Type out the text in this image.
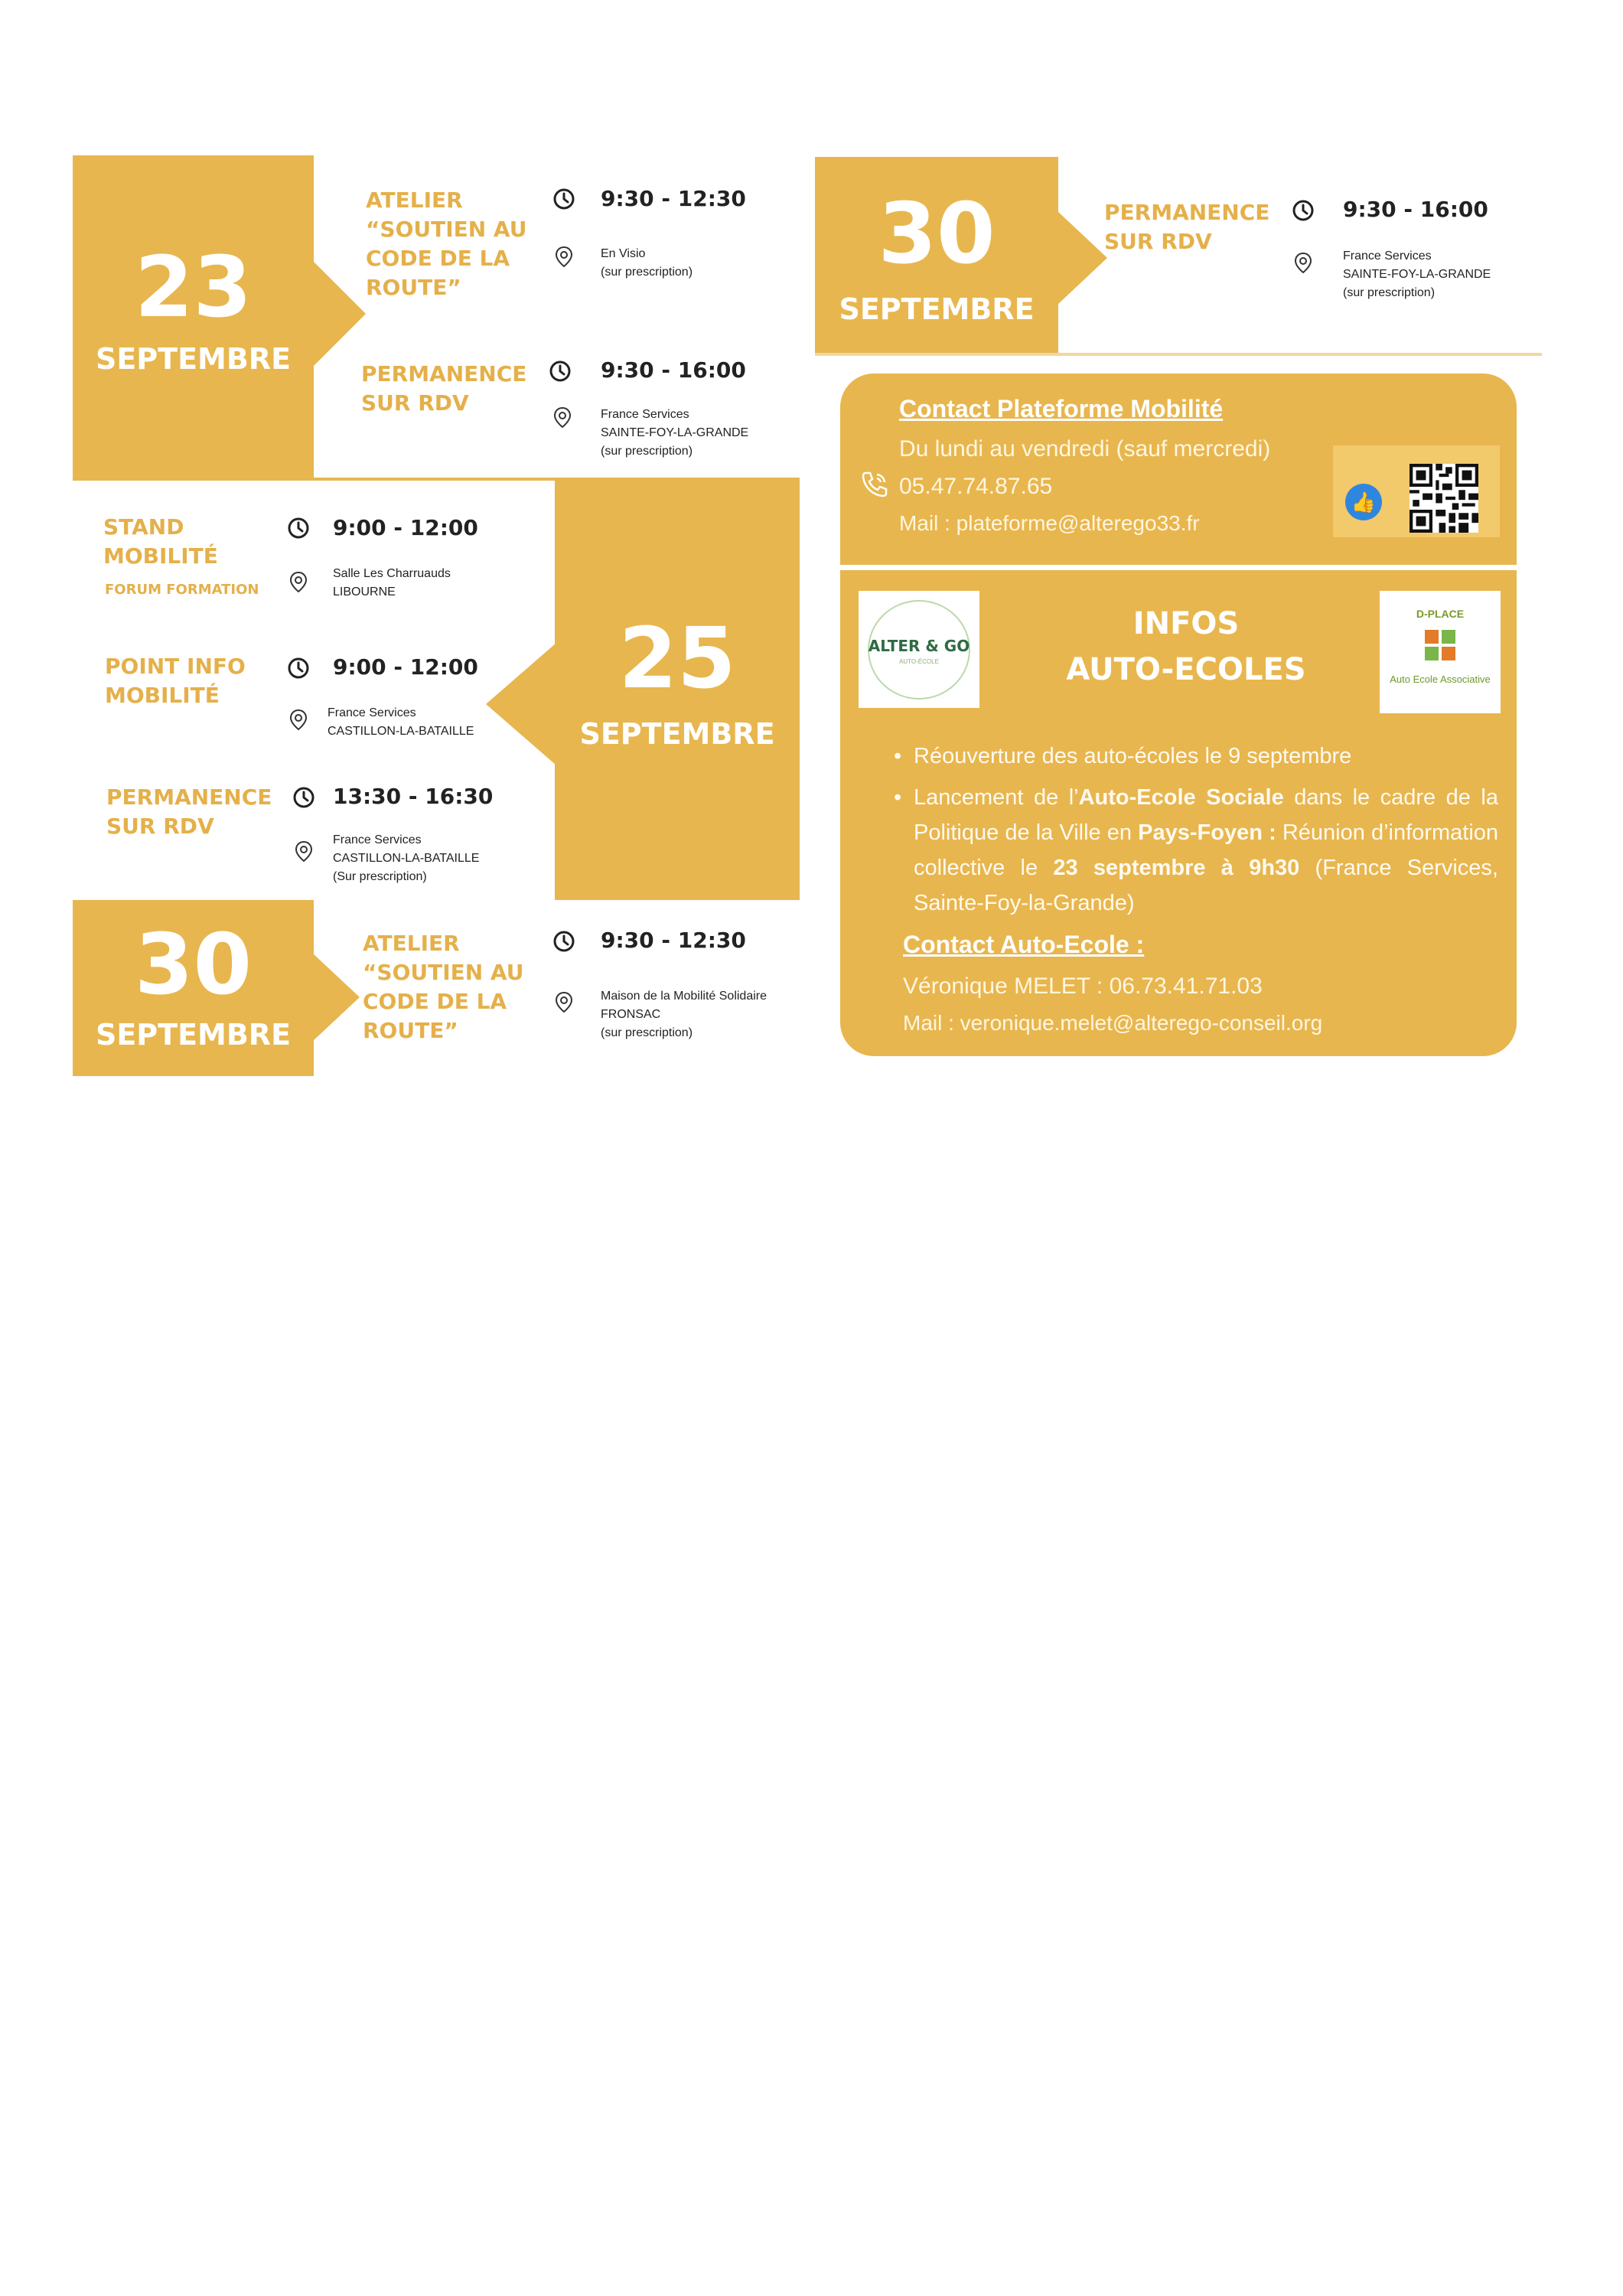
23
SEPTEMBRE
ATELIER
“SOUTIEN AU
CODE DE LA
ROUTE”
9:30 - 12:30
En Visio
(sur prescription)
PERMANENCE
SUR RDV
9:30 - 16:00
France Services
SAINTE-FOY-LA-GRANDE
(sur prescription)
25
SEPTEMBRE
STAND
MOBILITÉ
FORUM FORMATION
9:00 - 12:00
Salle Les Charruauds
LIBOURNE
POINT INFO
MOBILITÉ
9:00 - 12:00
France Services
CASTILLON-LA-BATAILLE
PERMANENCE
SUR RDV
13:30 - 16:30
France Services
CASTILLON-LA-BATAILLE
(Sur prescription)
30
SEPTEMBRE
ATELIER
“SOUTIEN AU
CODE DE LA
ROUTE”
9:30 - 12:30
Maison de la Mobilité Solidaire
FRONSAC
(sur prescription)
30
SEPTEMBRE
PERMANENCE
SUR RDV
9:30 - 16:00
France Services
SAINTE-FOY-LA-GRANDE
(sur prescription)
Contact Plateforme Mobilité
Du lundi au vendredi (sauf mercredi)
05.47.74.87.65
Mail : plateforme@alterego33.fr
👍
ALTER & GO
AUTO-ÉCOLE
D-PLACE
Auto Ecole Associative
INFOS
AUTO-ECOLES
• Réouverture des auto-écoles le 9 septembre
• Lancement de l’Auto-Ecole Sociale dans le cadre de la Politique de la Ville en Pays-Foyen : Réunion d’information collective le 23 septembre à 9h30 (France Services, Sainte-Foy-la-Grande)
Contact Auto-Ecole :
Véronique MELET : 06.73.41.71.03
Mail : veronique.melet@alterego-conseil.org
